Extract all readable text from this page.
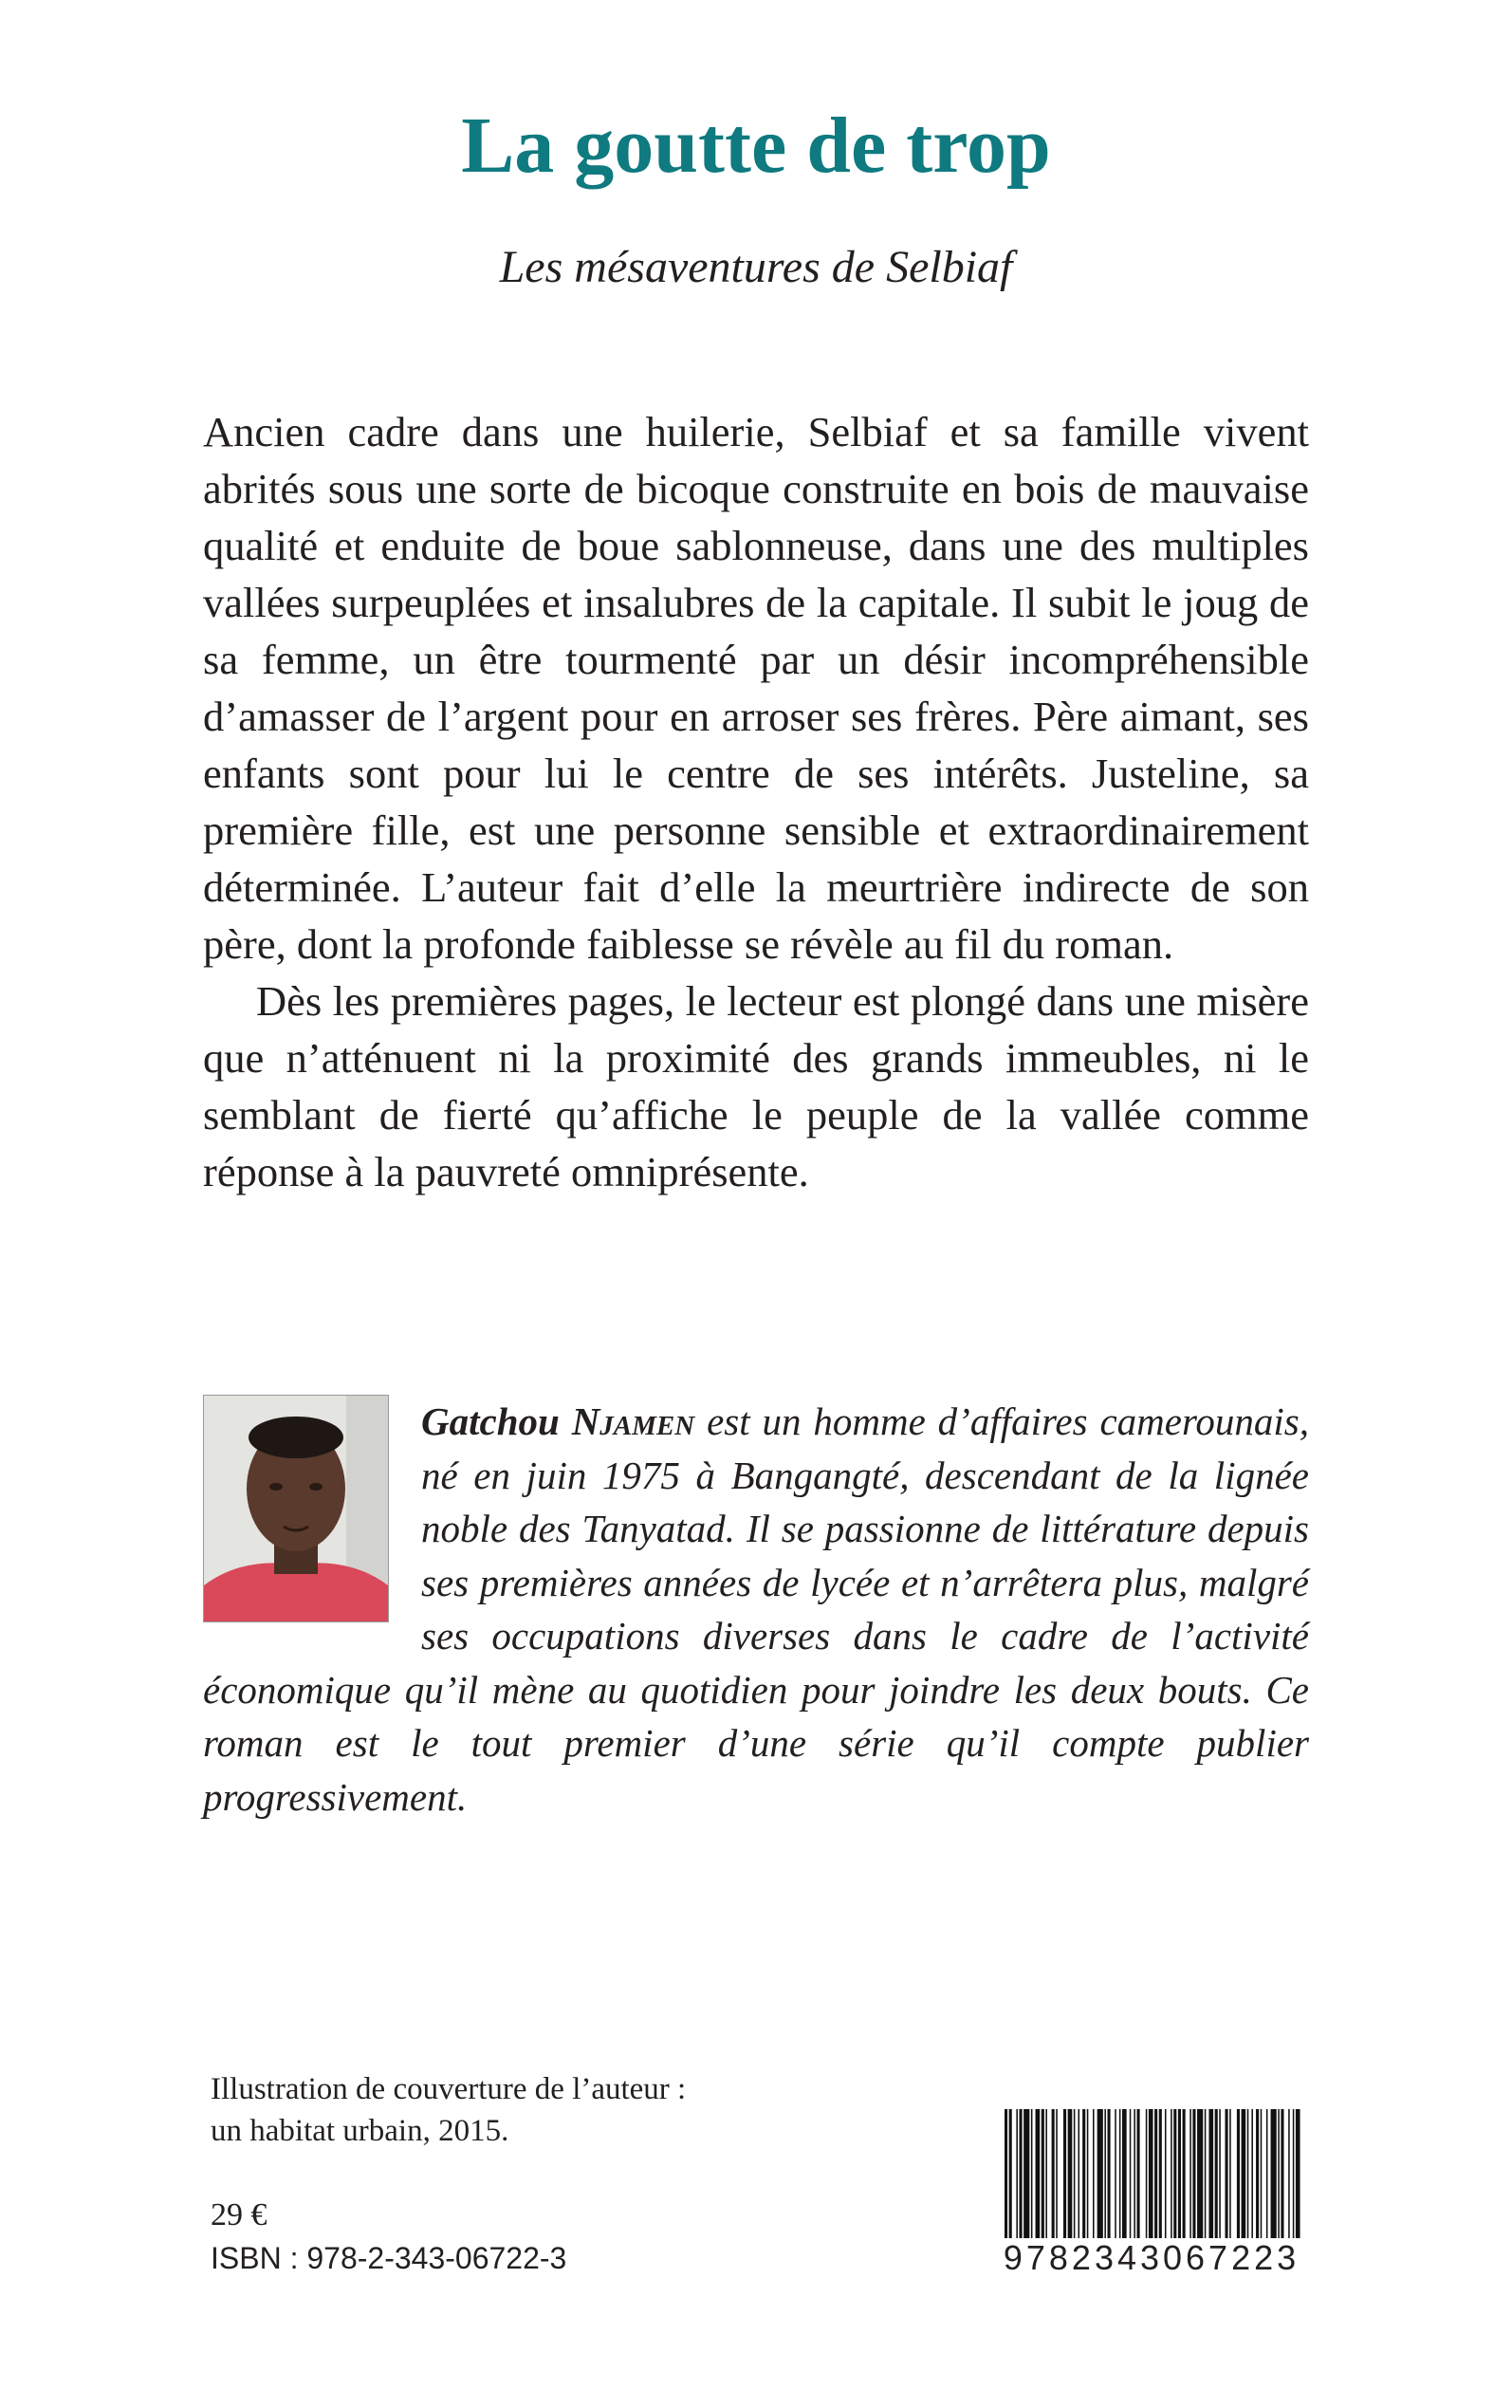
La goutte de trop

Les mésaventures de Selbiaf

Ancien cadre dans une huilerie, Selbiaf et sa famille vivent abrités sous une sorte de bicoque construite en bois de mauvaise qualité et enduite de boue sablonneuse, dans une des multiples vallées surpeuplées et insalubres de la capitale. Il subit le joug de sa femme, un être tourmenté par un désir incompréhensible d’amasser de l’argent pour en arroser ses frères. Père aimant, ses enfants sont pour lui le centre de ses intérêts. Justeline, sa première fille, est une personne sensible et extraordinairement déterminée. L’auteur fait d’elle la meurtrière indirecte de son père, dont la profonde faiblesse se révèle au fil du roman.

Dès les premières pages, le lecteur est plongé dans une misère que n’atténuent ni la proximité des grands immeubles, ni le semblant de fierté qu’affiche le peuple de la vallée comme réponse à la pauvreté omniprésente.

Gatchou Njamen est un homme d’affaires camerounais, né en juin 1975 à Bangangté, descendant de la lignée noble des Tanyatad. Il se passionne de littérature depuis ses premières années de lycée et n’arrêtera plus, malgré ses occupations diverses dans le cadre de l’activité économique qu’il mène au quotidien pour joindre les deux bouts. Ce roman est le tout premier d’une série qu’il compte publier progressivement.
Illustration de couverture de l’auteur :
un habitat urbain, 2015.
29 €
ISBN : 978-2-343-06722-3	9782343067223
